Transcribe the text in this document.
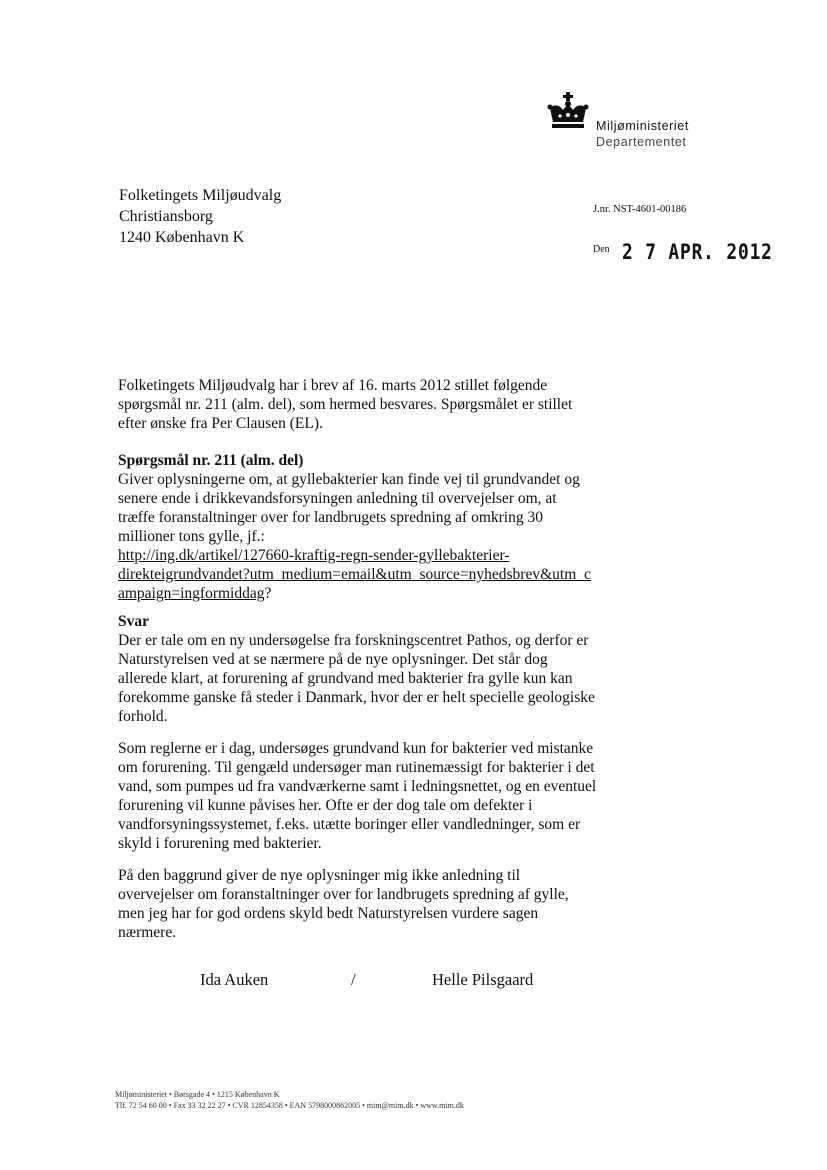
Miljøministeriet
Departementet
Folketingets Miljøudvalg
Christiansborg
1240 København K
J.nr. NST-4601-00186
$^{Den}$ 2 7 APR. 2012

Folketingets Miljøudvalg har i brev af 16. marts 2012 stillet følgende

spørgsmål nr. 211 (alm. del), som hermed besvares. Spørgsmålet er stillet

efter ønske fra Per Clausen (EL).

Spørgsmål nr. 211 (alm. del)

Giver oplysningerne om, at gyllebakterier kan finde vej til grundvandet og

senere ende i drikkevandsforsyningen anledning til overvejelser om, at

træffe foranstaltninger over for landbrugets spredning af omkring 30

millioner tons gylle, jf.:

http://ing.dk/artikel/127660-kraftig-regn-sender-gyllebakterier-

direkteigrundvandet?utm_medium=email&utm_source=nyhedsbrev&utm_c

ampaign=ingformiddag?

Svar

Der er tale om en ny undersøgelse fra forskningscentret Pathos, og derfor er

Naturstyrelsen ved at se nærmere på de nye oplysninger. Det står dog

allerede klart, at forurening af grundvand med bakterier fra gylle kun kan

forekomme ganske få steder i Danmark, hvor der er helt specielle geologiske

forhold.

Som reglerne er i dag, undersøges grundvand kun for bakterier ved mistanke

om forurening. Til gengæld undersøger man rutinemæssigt for bakterier i det

vand, som pumpes ud fra vandværkerne samt i ledningsnettet, og en eventuel

forurening vil kunne påvises her. Ofte er der dog tale om defekter i

vandforsyningssystemet, f.eks. utætte boringer eller vandledninger, som er

skyld i forurening med bakterier.

På den baggrund giver de nye oplysninger mig ikke anledning til

overvejelser om foranstaltninger over for landbrugets spredning af gylle,

men jeg har for god ordens skyld bedt Naturstyrelsen vurdere sagen

nærmere.

Ida Auken	/	Helle Pilsgaard
Miljøministeriet • Børsgade 4 • 1215 København K
Tlf. 72 54 60 00 • Fax 33 32 22 27 • CVR 12854358 • EAN 5798000862005 • mim@mim.dk • www.mim.dk
